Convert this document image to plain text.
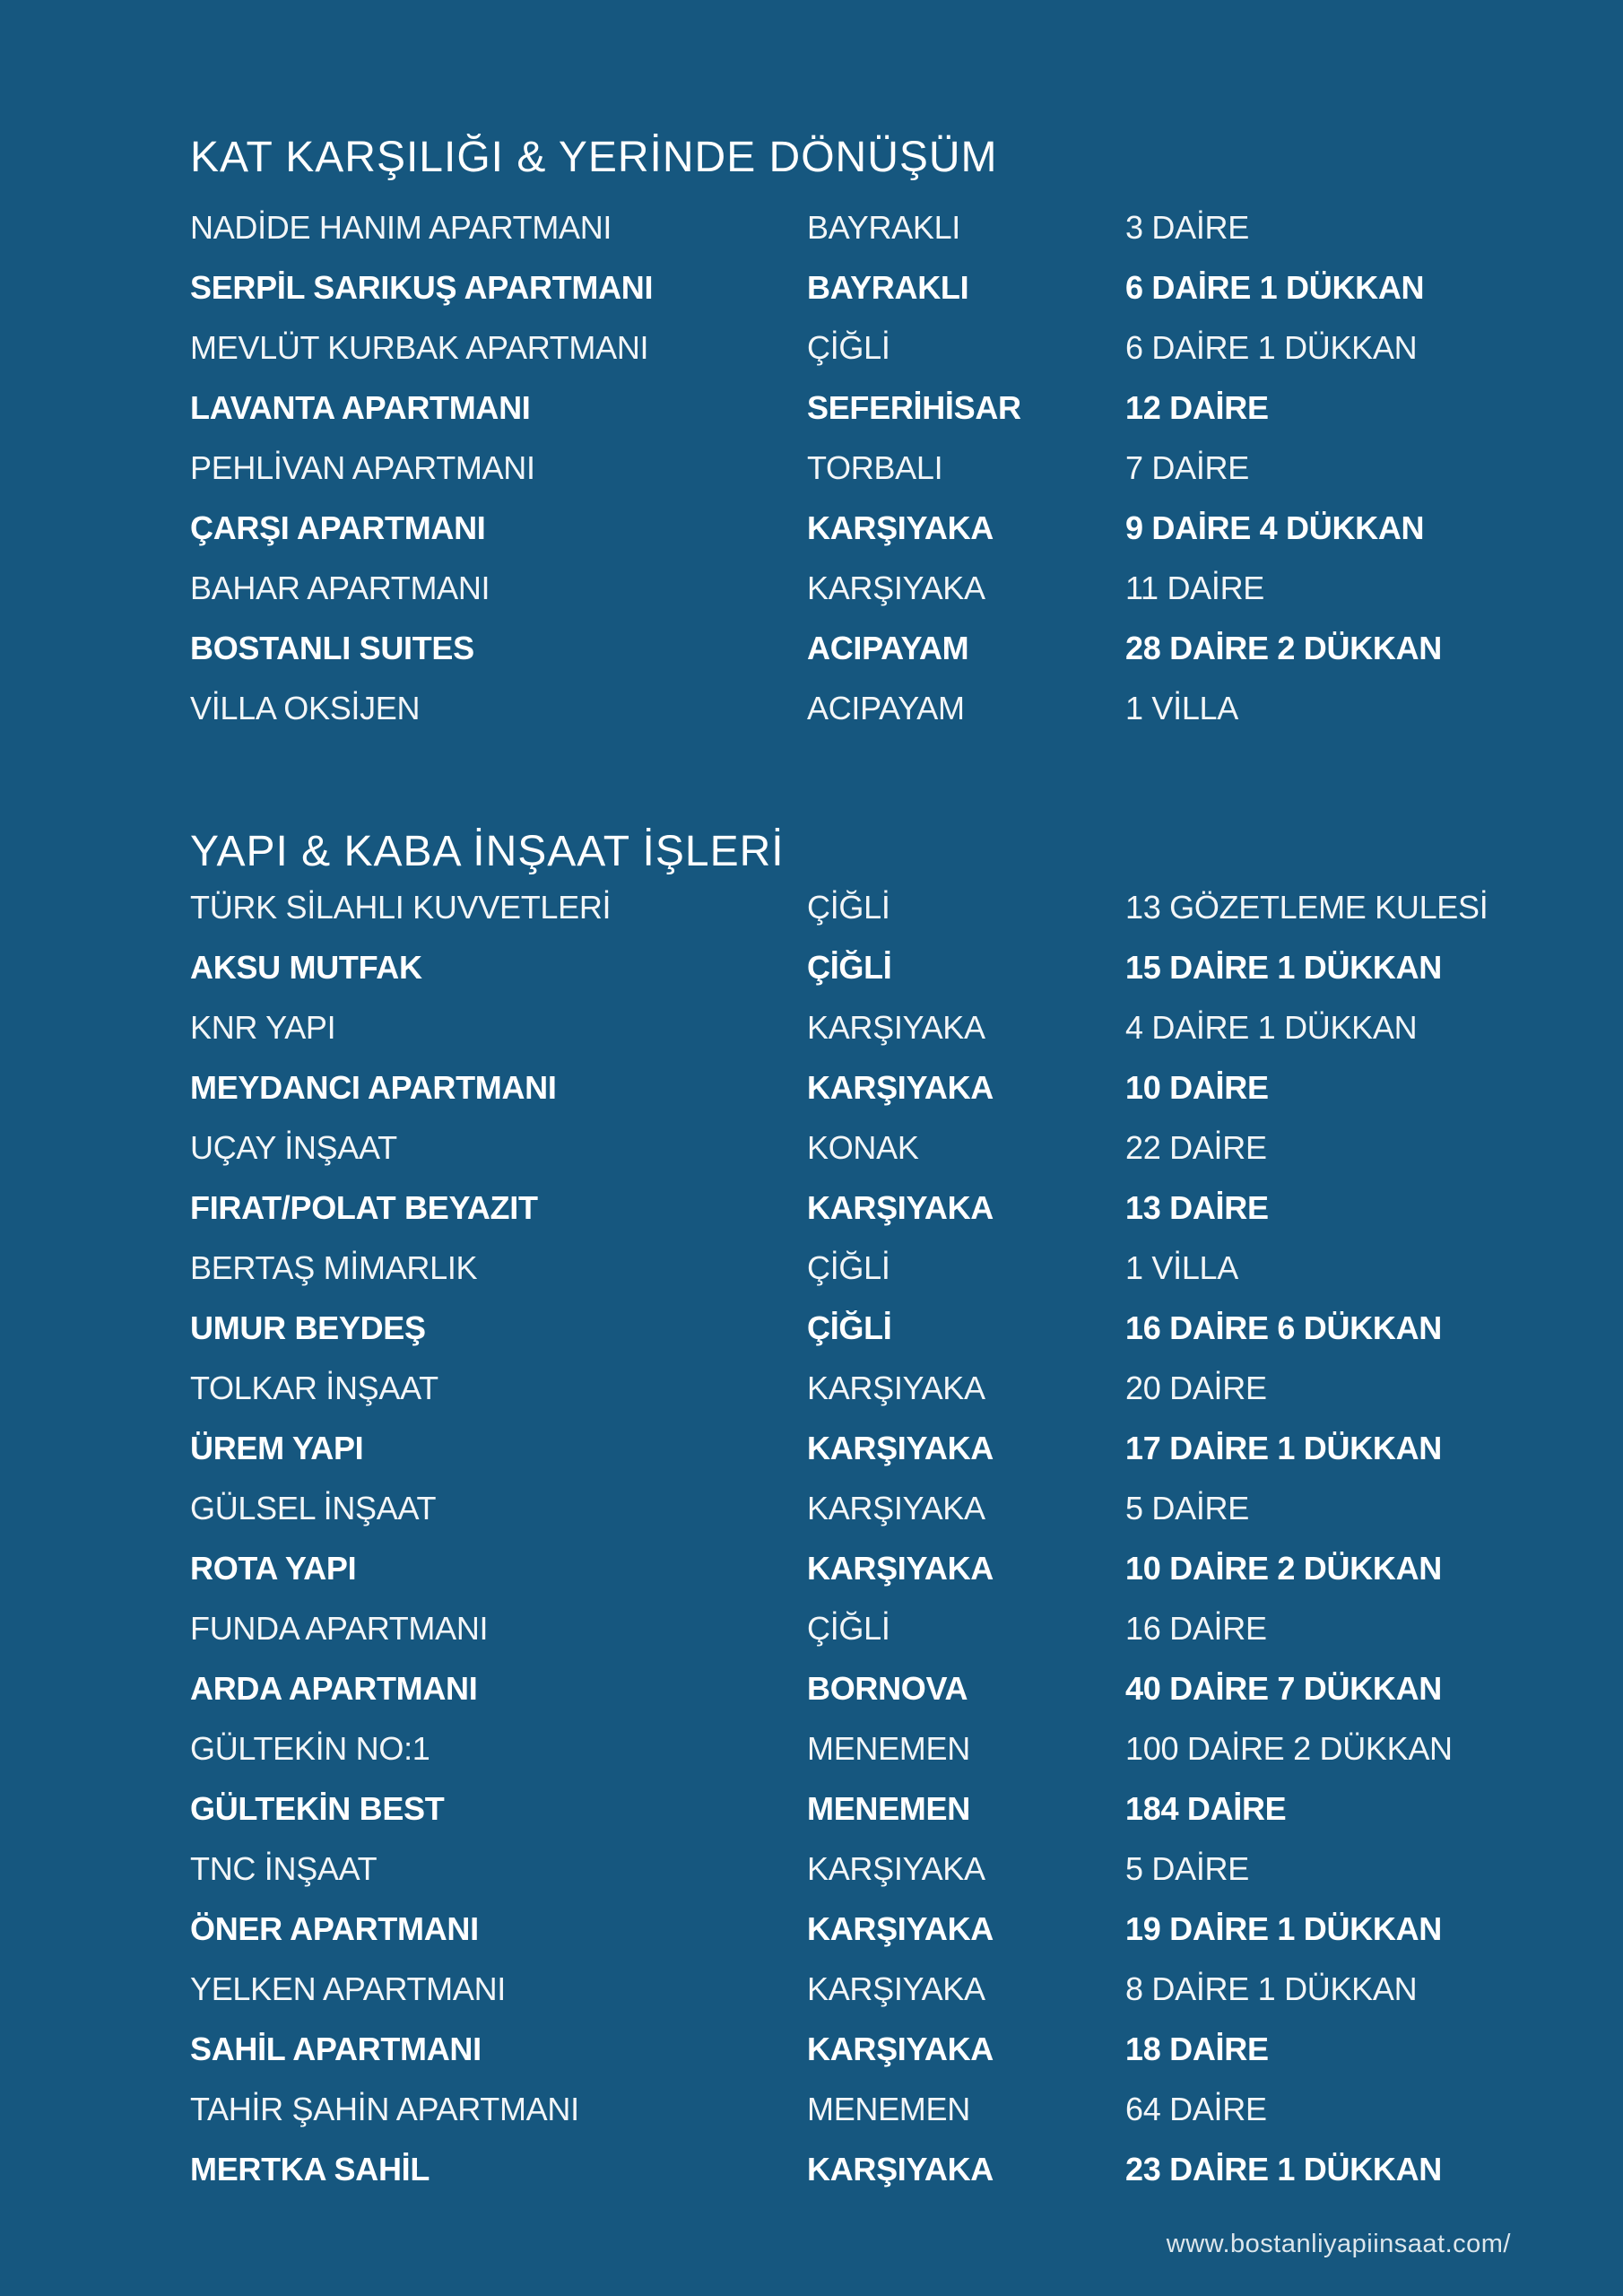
KAT KARŞILIĞI & YERİNDE DÖNÜŞÜM
NADİDE HANIM APARTMANI	BAYRAKLI	3 DAİRE
SERPİL SARIKUŞ APARTMANI	BAYRAKLI	6 DAİRE 1 DÜKKAN
MEVLÜT KURBAK APARTMANI	ÇİĞLİ	6 DAİRE 1 DÜKKAN
LAVANTA APARTMANI	SEFERİHİSAR	12 DAİRE
PEHLİVAN APARTMANI	TORBALI	7 DAİRE
ÇARŞI APARTMANI	KARŞIYAKA	9 DAİRE 4 DÜKKAN
BAHAR APARTMANI	KARŞIYAKA	11 DAİRE
BOSTANLI SUITES	ACIPAYAM	28 DAİRE 2 DÜKKAN
VİLLA OKSİJEN	ACIPAYAM	1 VİLLA
YAPI & KABA İNŞAAT İŞLERİ
TÜRK SİLAHLI KUVVETLERİ	ÇİĞLİ	13 GÖZETLEME KULESİ
AKSU MUTFAK	ÇİĞLİ	15 DAİRE 1 DÜKKAN
KNR YAPI	KARŞIYAKA	4 DAİRE 1 DÜKKAN
MEYDANCI APARTMANI	KARŞIYAKA	10 DAİRE
UÇAY İNŞAAT	KONAK	22 DAİRE
FIRAT/POLAT BEYAZIT	KARŞIYAKA	13 DAİRE
BERTAŞ MİMARLIK	ÇİĞLİ	1 VİLLA
UMUR BEYDEŞ	ÇİĞLİ	16 DAİRE 6 DÜKKAN
TOLKAR İNŞAAT	KARŞIYAKA	20 DAİRE
ÜREM YAPI	KARŞIYAKA	17 DAİRE 1 DÜKKAN
GÜLSEL İNŞAAT	KARŞIYAKA	5 DAİRE
ROTA YAPI	KARŞIYAKA	10 DAİRE 2 DÜKKAN
FUNDA APARTMANI	ÇİĞLİ	16 DAİRE
ARDA APARTMANI	BORNOVA	40 DAİRE 7 DÜKKAN
GÜLTEKİN NO:1	MENEMEN	100 DAİRE 2 DÜKKAN
GÜLTEKİN BEST	MENEMEN	184 DAİRE
TNC İNŞAAT	KARŞIYAKA	5 DAİRE
ÖNER APARTMANI	KARŞIYAKA	19 DAİRE 1 DÜKKAN
YELKEN APARTMANI	KARŞIYAKA	8 DAİRE 1 DÜKKAN
SAHİL APARTMANI	KARŞIYAKA	18 DAİRE
TAHİR ŞAHİN APARTMANI	MENEMEN	64 DAİRE
MERTKA SAHİL	KARŞIYAKA	23 DAİRE 1 DÜKKAN
www.bostanliyapiinsaat.com/
